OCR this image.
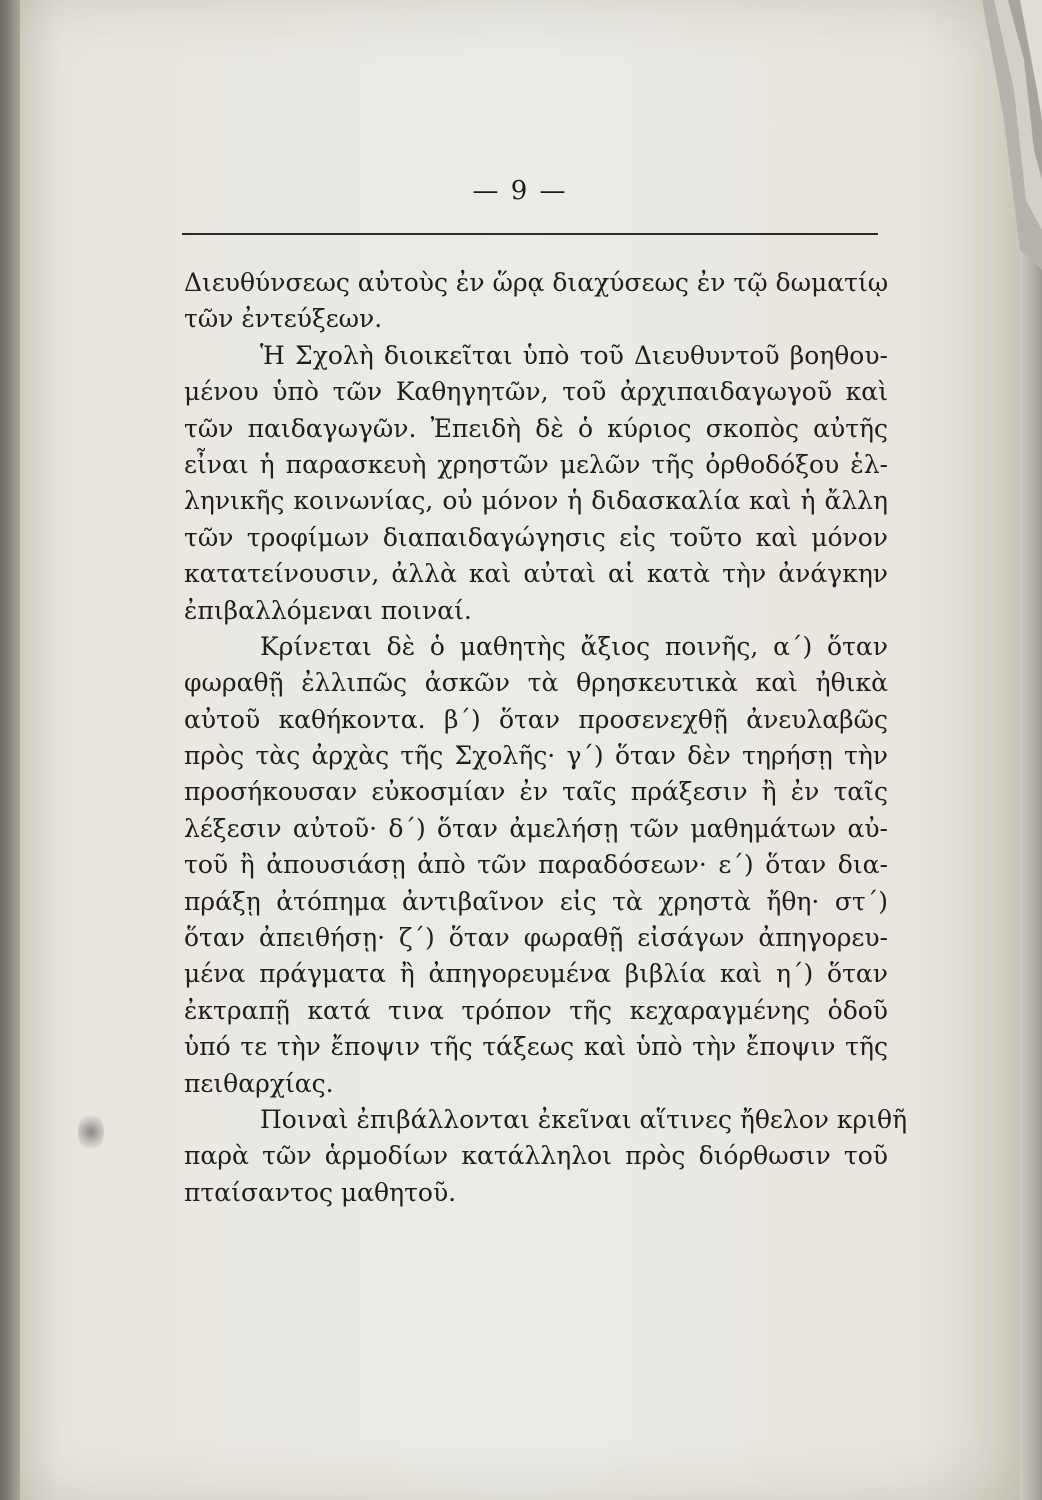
— 9 —
Διευθύνσεως αὐτοὺς ἐν ὥρᾳ διαχύσεως ἐν τῷ δωματίῳ
τῶν ἐντεύξεων.
Ἡ Σχολὴ διοικεῖται ὑπὸ τοῦ Διευθυντοῦ βοηθου-
μένου ὑπὸ τῶν Καθηγητῶν, τοῦ ἀρχιπαιδαγωγοῦ καὶ
τῶν παιδαγωγῶν. Ἐπειδὴ δὲ ὁ κύριος σκοπὸς αὐτῆς
εἶναι ἡ παρασκευὴ χρηστῶν μελῶν τῆς ὀρθοδόξου ἑλ-
ληνικῆς κοινωνίας, οὐ μόνον ἡ διδασκαλία καὶ ἡ ἄλλη
τῶν τροφίμων διαπαιδαγώγησις εἰς τοῦτο καὶ μόνον
κατατείνουσιν, ἀλλὰ καὶ αὐταὶ αἱ κατὰ τὴν ἀνάγκην
ἐπιβαλλόμεναι ποιναί.
Κρίνεται δὲ ὁ μαθητὴς ἄξιος ποινῆς, α΄) ὅταν
φωραθῇ ἐλλιπῶς ἀσκῶν τὰ θρησκευτικὰ καὶ ἠθικὰ
αὐτοῦ καθήκοντα. β΄) ὅταν προσενεχθῇ ἀνευλαβῶς
πρὸς τὰς ἀρχὰς τῆς Σχολῆς· γ΄) ὅταν δὲν τηρήσῃ τὴν
προσήκουσαν εὐκοσμίαν ἐν ταῖς πράξεσιν ἢ ἐν ταῖς
λέξεσιν αὐτοῦ· δ΄) ὅταν ἀμελήσῃ τῶν μαθημάτων αὐ-
τοῦ ἢ ἀπουσιάσῃ ἀπὸ τῶν παραδόσεων· ε΄) ὅταν δια-
πράξῃ ἀτόπημα ἀντιβαῖνον εἰς τὰ χρηστὰ ἤθη· στ΄)
ὅταν ἀπειθήσῃ· ζ΄) ὅταν φωραθῇ εἰσάγων ἀπηγορευ-
μένα πράγματα ἢ ἀπηγορευμένα βιβλία καὶ η΄) ὅταν
ἐκτραπῇ κατά τινα τρόπον τῆς κεχαραγμένης ὁδοῦ
ὑπό τε τὴν ἔποψιν τῆς τάξεως καὶ ὑπὸ τὴν ἔποψιν τῆς
πειθαρχίας.
Ποιναὶ ἐπιβάλλονται ἐκεῖναι αἵτινες ἤθελον κριθῆ
παρὰ τῶν ἁρμοδίων κατάλληλοι πρὸς διόρθωσιν τοῦ
πταίσαντος μαθητοῦ.
